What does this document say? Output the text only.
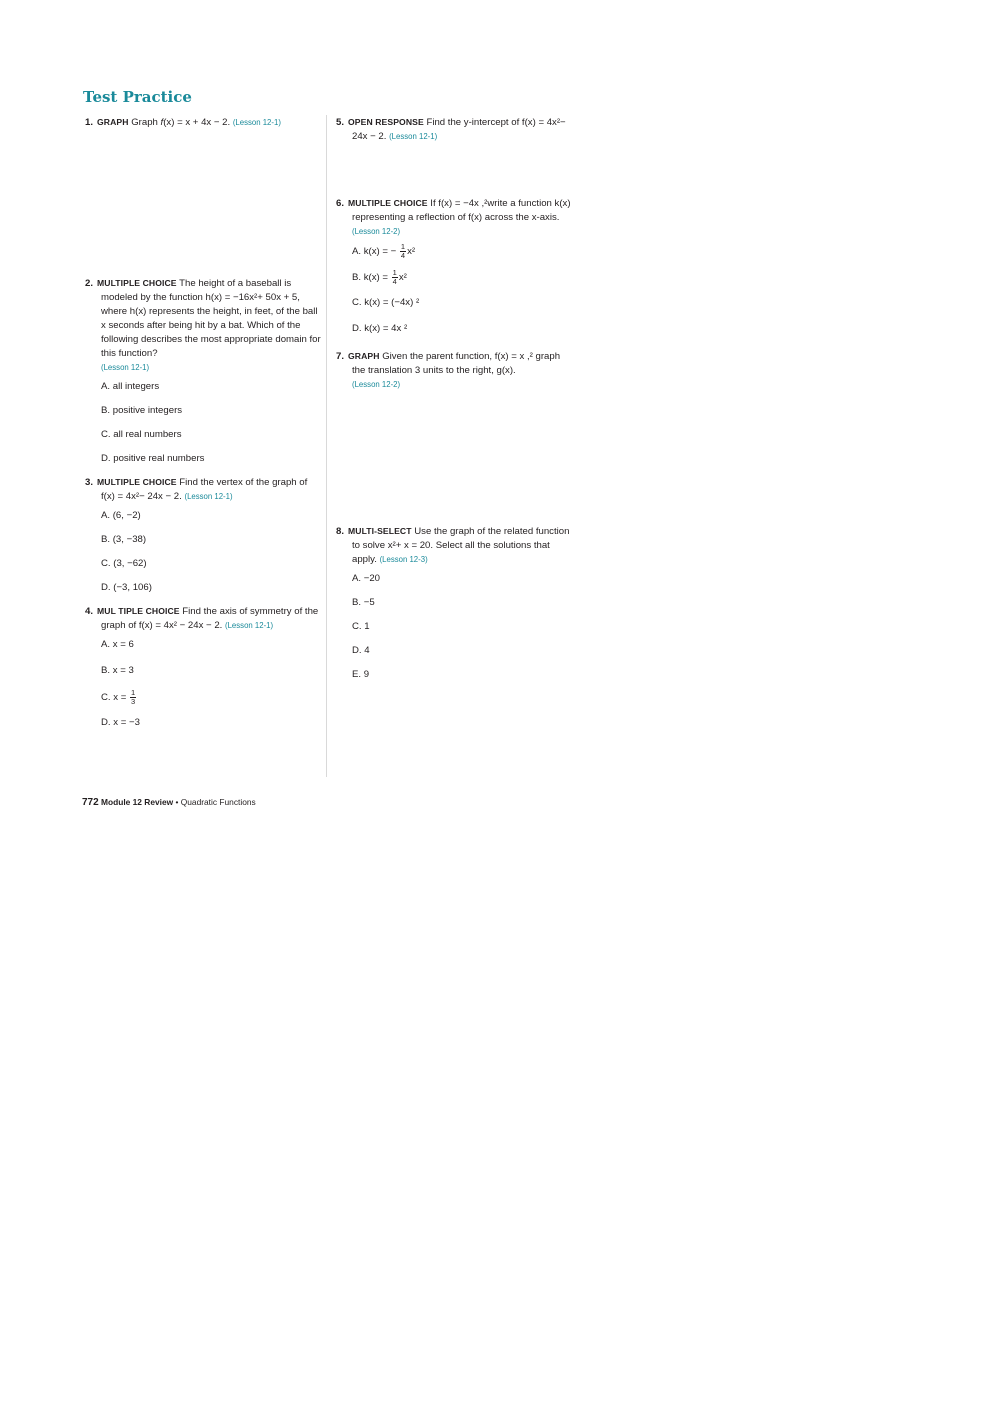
Test Practice
1. GRAPH Graph f(x) = x + 4x − 2. (Lesson 12-1)
2. MULTIPLE CHOICE The height of a baseball is modeled by the function h(x) = −16x²+ 50x + 5, where h(x) represents the height, in feet, of the ball x seconds after being hit by a bat. Which of the following describes the most appropriate domain for this function?
(Lesson 12-1)
A. all integers
B. positive integers
C. all real numbers
D. positive real numbers
3. MULTIPLE CHOICE Find the vertex of the graph of f(x) = 4x²− 24x − 2. (Lesson 12-1)
A. (6, −2)
B. (3, −38)
C. (3, −62)
D. (−3, 106)
4. MUL TIPLE CHOICE Find the axis of symmetry of the graph of f(x) = 4x² − 24x − 2. (Lesson 12-1)
A. x = 6
B. x = 3
C. $x = \frac{1}{3}$
D. x = −3
5. OPEN RESPONSE Find the y-intercept of f(x) = 4x²− 24x − 2. (Lesson 12-1)
6. MULTIPLE CHOICE If f(x) = −4x ,²write a function k(x) representing a reflection of f(x) across the x-axis. (Lesson 12-2)
A. k(x) = − $\frac{1}{4} x^2$
B. $k(x) = \frac{1}{4} x^2$
C. k(x) = (−4x) ²
D. k(x) = 4x ²
7. GRAPH Given the parent function, f(x) = x ,² graph the translation 3 units to the right, g(x).
(Lesson 12-2)
8. MULTI-SELECT Use the graph of the related function to solve x²+ x = 20. Select all the solutions that apply. (Lesson 12-3)
A. −20
B. −5
C. 1
D. 4
E. 9
772 Module 12 Review • Quadratic Functions
